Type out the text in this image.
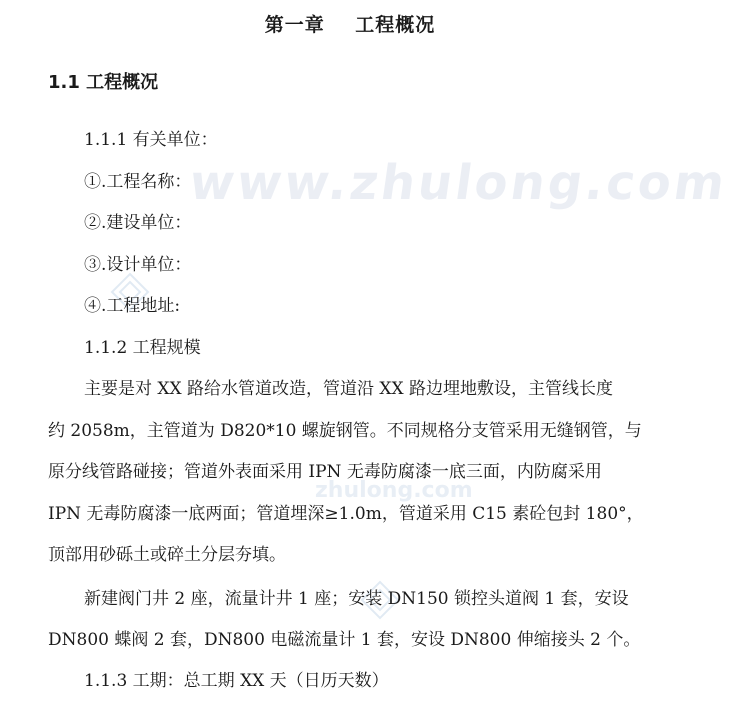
www.zhulong.com
zhulong.com
第一章    工程概况
1.1 工程概况
1.1.1 有关单位：
①.工程名称：
②.建设单位：
③.设计单位：
④.工程地址:
1.1.2 工程规模
主要是对 XX 路给水管道改造，管道沿 XX 路边埋地敷设，主管线长度
约 2058m，主管道为 D820*10 螺旋钢管。不同规格分支管采用无缝钢管，与
原分线管路碰接；管道外表面采用 IPN 无毒防腐漆一底三面，内防腐采用
IPN 无毒防腐漆一底两面；管道埋深≥1.0m，管道采用 C15 素砼包封 180°，
顶部用砂砾土或碎土分层夯填。
新建阀门井 2 座，流量计井 1 座；安装 DN150 锁控头道阀 1 套，安设
DN800 蝶阀 2 套，DN800 电磁流量计 1 套，安设 DN800 伸缩接头 2 个。
1.1.3 工期：总工期 XX 天（日历天数）
